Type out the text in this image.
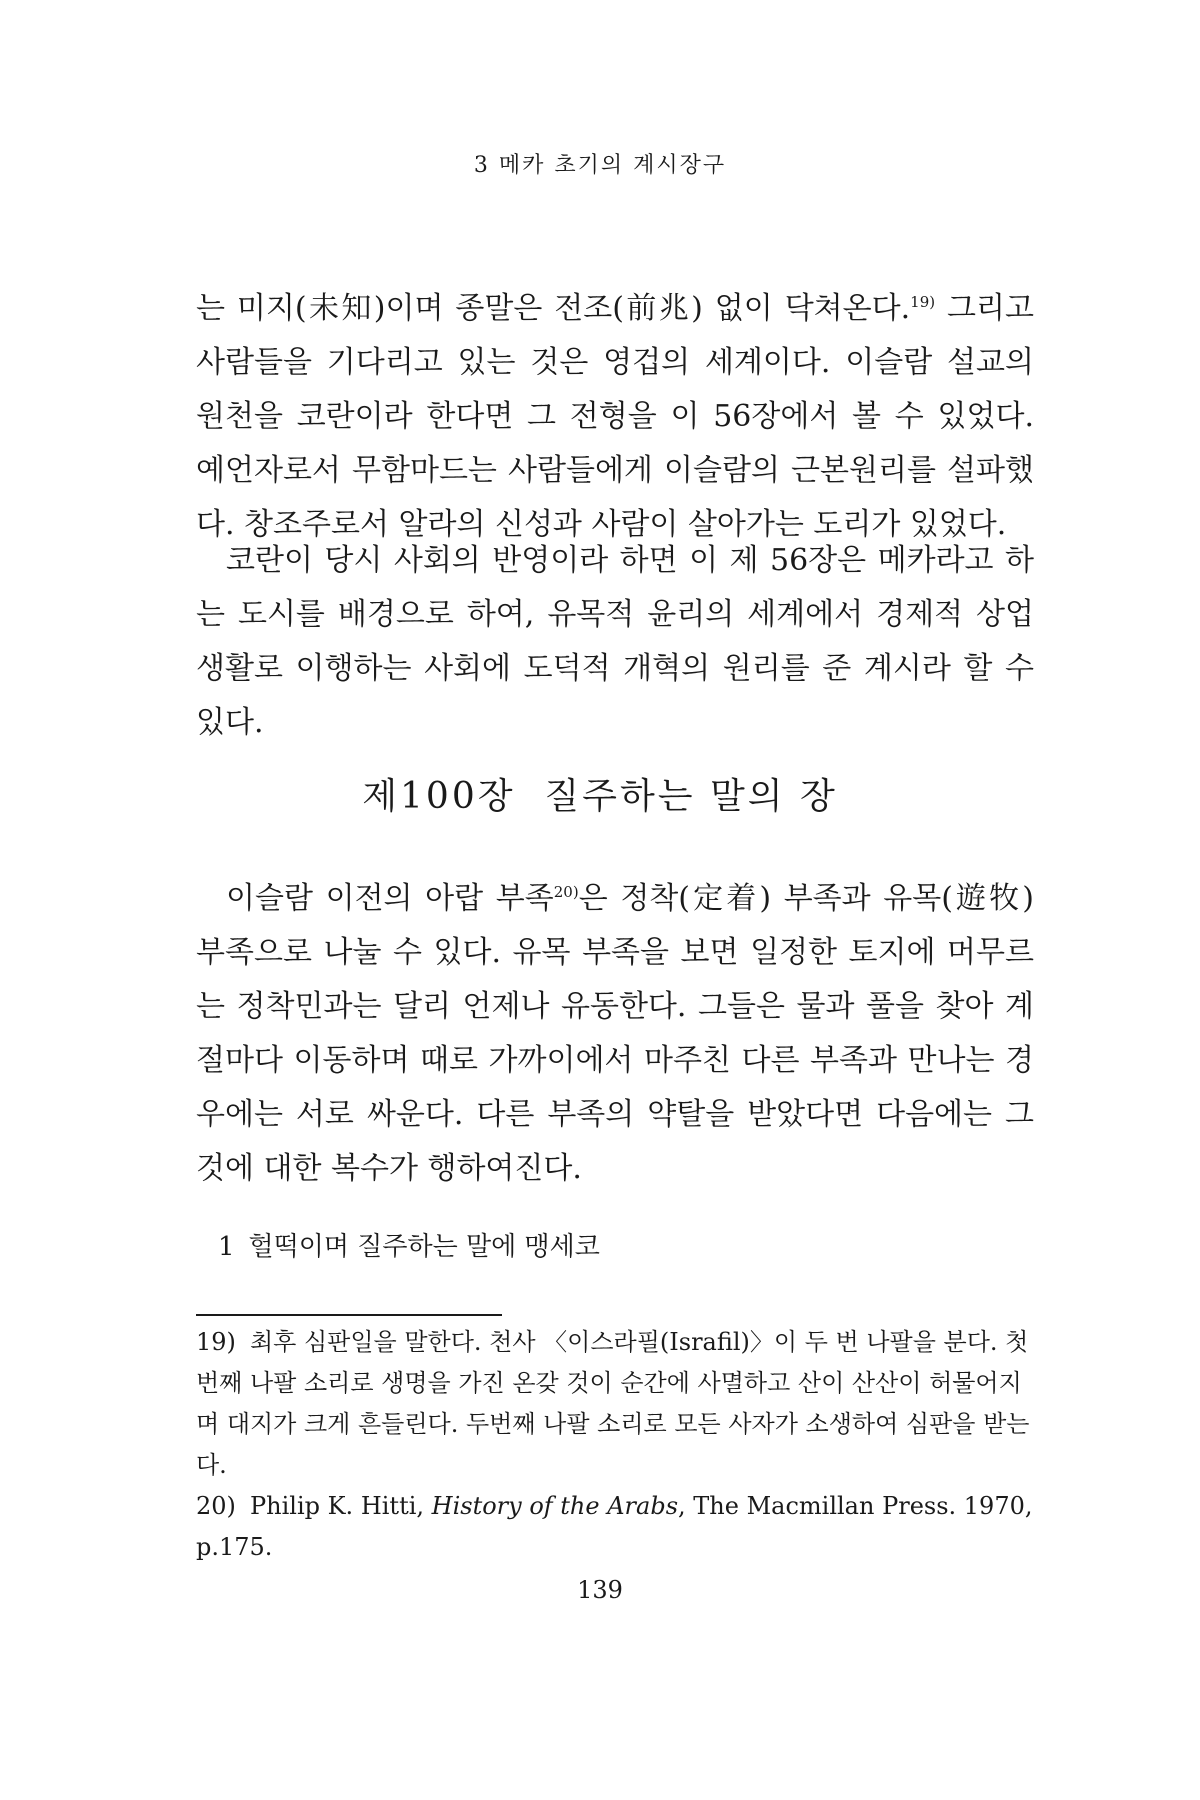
3 메카 초기의 계시장구

는 미지(未知)이며 종말은 전조(前兆) 없이 닥쳐온다.$^{19)}$ 그리고 사람들을 기다리고 있는 것은 영겁의 세계이다. 이슬람 설교의 원천을 코란이라 한다면 그 전형을 이 56장에서 볼 수 있었다. 예언자로서 무함마드는 사람들에게 이슬람의 근본원리를 설파했다. 창조주로서 알라의 신성과 사람이 살아가는 도리가 있었다.

코란이 당시 사회의 반영이라 하면 이 제 56장은 메카라고 하는 도시를 배경으로 하여, 유목적 윤리의 세계에서 경제적 상업생활로 이행하는 사회에 도덕적 개혁의 원리를 준 계시라 할 수 있다.

제100장  질주하는 말의 장

이슬람 이전의 아랍 부족$^{20)}$은 정착(定着) 부족과 유목(遊牧) 부족으로 나눌 수 있다. 유목 부족을 보면 일정한 토지에 머무르는 정착민과는 달리 언제나 유동한다. 그들은 물과 풀을 찾아 계절마다 이동하며 때로 가까이에서 마주친 다른 부족과 만나는 경우에는 서로 싸운다. 다른 부족의 약탈을 받았다면 다음에는 그것에 대한 복수가 행하여진다.

1 헐떡이며 질주하는 말에 맹세코

19) 최후 심판일을 말한다. 천사 〈이스라필(Israfil)〉이 두 번 나팔을 분다. 첫번째 나팔 소리로 생명을 가진 온갖 것이 순간에 사멸하고 산이 산산이 허물어지며 대지가 크게 흔들린다. 두번째 나팔 소리로 모든 사자가 소생하여 심판을 받는다.

20) Philip K. Hitti, History of the Arabs, The Macmillan Press. 1970, p.175.

139
